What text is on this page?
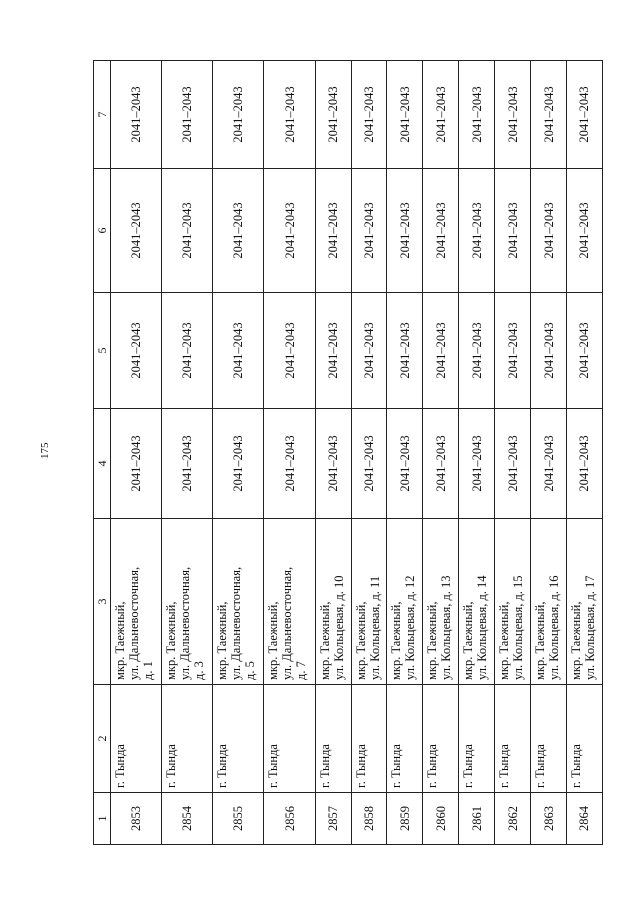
175
1	2	3	4	5	6	7
2853	г. Тында	мкр. Таежный,
ул. Дальневосточная,
д. 1	2041–2043	2041–2043	2041–2043	2041–2043
2854	г. Тында	мкр. Таежный,
ул. Дальневосточная,
д. 3	2041–2043	2041–2043	2041–2043	2041–2043
2855	г. Тында	мкр. Таежный,
ул. Дальневосточная,
д. 5	2041–2043	2041–2043	2041–2043	2041–2043
2856	г. Тында	мкр. Таежный,
ул. Дальневосточная,
д. 7	2041–2043	2041–2043	2041–2043	2041–2043
2857	г. Тында	мкр. Таежный,
ул. Кольцевая, д. 10	2041–2043	2041–2043	2041–2043	2041–2043
2858	г. Тында	мкр. Таежный,
ул. Кольцевая, д. 11	2041–2043	2041–2043	2041–2043	2041–2043
2859	г. Тында	мкр. Таежный,
ул. Кольцевая, д. 12	2041–2043	2041–2043	2041–2043	2041–2043
2860	г. Тында	мкр. Таежный,
ул. Кольцевая, д. 13	2041–2043	2041–2043	2041–2043	2041–2043
2861	г. Тында	мкр. Таежный,
ул. Кольцевая, д. 14	2041–2043	2041–2043	2041–2043	2041–2043
2862	г. Тында	мкр. Таежный,
ул. Кольцевая, д. 15	2041–2043	2041–2043	2041–2043	2041–2043
2863	г. Тында	мкр. Таежный,
ул. Кольцевая, д. 16	2041–2043	2041–2043	2041–2043	2041–2043
2864	г. Тында	мкр. Таежный,
ул. Кольцевая, д. 17	2041–2043	2041–2043	2041–2043	2041–2043
